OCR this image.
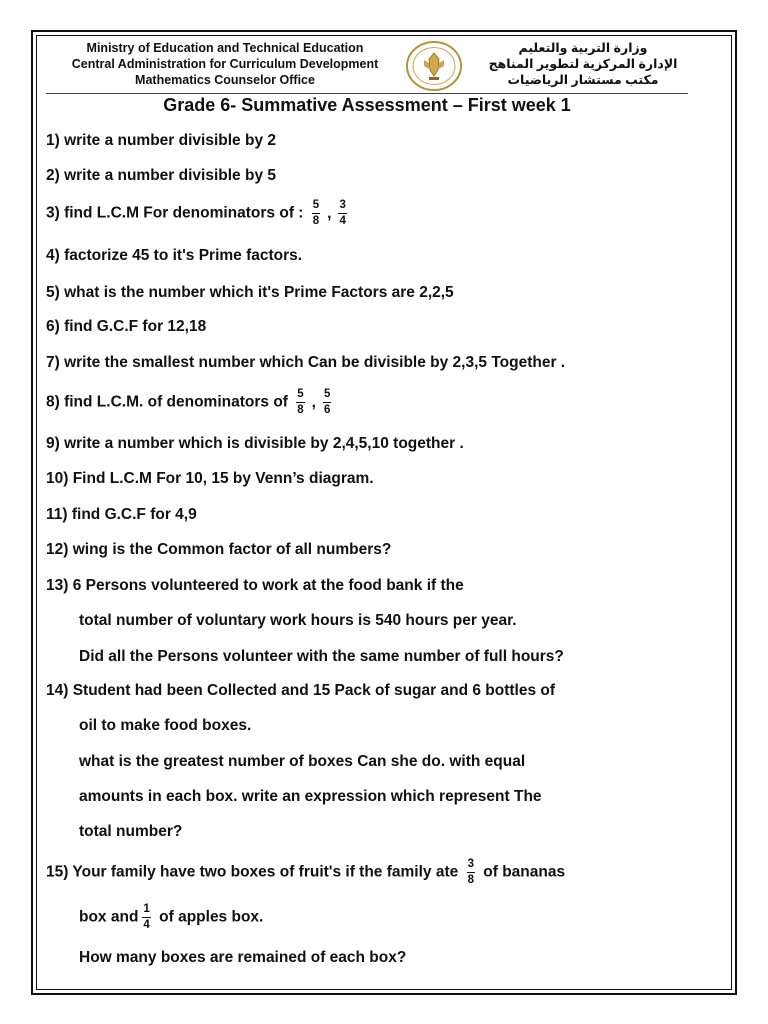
Ministry of Education and Technical Education
Central Administration for Curriculum Development
Mathematics Counselor Office
وزارة التربية والتعليم
الإدارة المركزية لتطوير المناهج
مكتب مستشار الرياضيات
Grade 6- Summative Assessment – First week 1
1) write a number divisible by 2
2) write a number divisible by 5
3) find L.C.M For denominators of : $\frac{5}{8}$ , $\frac{3}{4}$
4) factorize 45 to it's Prime factors.
5) what is the number which it's Prime Factors are 2,2,5
6) find G.C.F for 12,18
7) write the smallest number which Can be divisible by 2,3,5 Together .
8) find L.C.M. of denominators of $\frac{5}{8}$ , $\frac{5}{6}$
9) write a number which is divisible by 2,4,5,10 together .
10) Find L.C.M For 10, 15 by Venn’s diagram.
11) find G.C.F for 4,9
12) wing is the Common factor of all numbers?
13) 6 Persons volunteered to work at the food bank if the
total number of voluntary work hours is 540 hours per year.
Did all the Persons volunteer with the same number of full hours?
14) Student had been Collected and 15 Pack of sugar and 6 bottles of
oil to make food boxes.
what is the greatest number of boxes Can she do. with equal
amounts in each box. write an expression which represent The
total number?
15) Your family have two boxes of fruit's if the family ate $\frac{3}{8}$ of bananas
box and $\frac{1}{4}$ of apples box.
How many boxes are remained of each box?
